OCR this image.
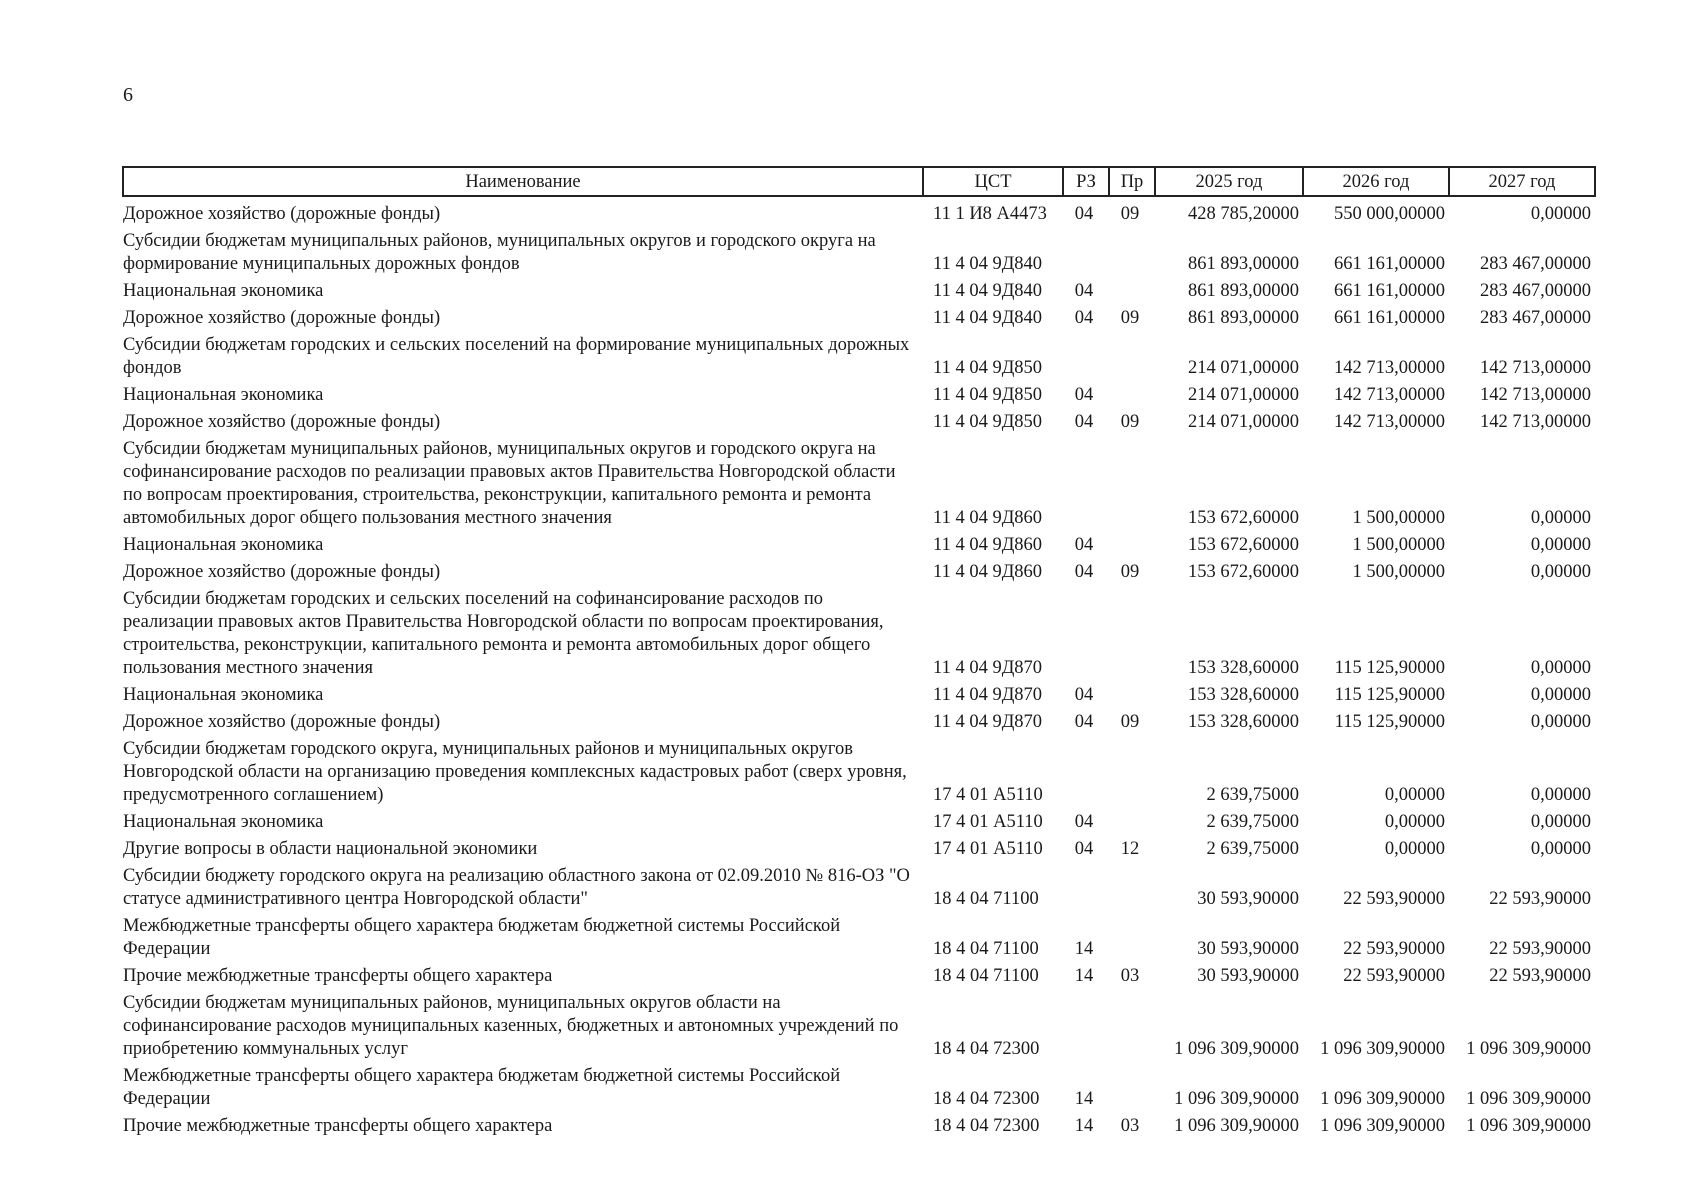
6
Наименование	ЦСТ	РЗ	Пр	2025 год	2026 год	2027 год
Дорожное хозяйство (дорожные фонды)	11 1 И8 А4473	04	09	428 785,20000	550 000,00000	0,00000
Субсидии бюджетам муниципальных районов, муниципальных округов и городского округа на формирование муниципальных дорожных фондов	11 4 04 9Д840			861 893,00000	661 161,00000	283 467,00000
Национальная экономика	11 4 04 9Д840	04		861 893,00000	661 161,00000	283 467,00000
Дорожное хозяйство (дорожные фонды)	11 4 04 9Д840	04	09	861 893,00000	661 161,00000	283 467,00000
Субсидии бюджетам городских и сельских поселений на формирование муниципальных дорожных фондов	11 4 04 9Д850			214 071,00000	142 713,00000	142 713,00000
Национальная экономика	11 4 04 9Д850	04		214 071,00000	142 713,00000	142 713,00000
Дорожное хозяйство (дорожные фонды)	11 4 04 9Д850	04	09	214 071,00000	142 713,00000	142 713,00000
Субсидии бюджетам муниципальных районов, муниципальных округов и городского округа на софинансирование расходов по реализации правовых актов Правительства Новгородской области по вопросам проектирования, строительства, реконструкции, капитального ремонта и ремонта автомобильных дорог общего пользования местного значения	11 4 04 9Д860			153 672,60000	1 500,00000	0,00000
Национальная экономика	11 4 04 9Д860	04		153 672,60000	1 500,00000	0,00000
Дорожное хозяйство (дорожные фонды)	11 4 04 9Д860	04	09	153 672,60000	1 500,00000	0,00000
Субсидии бюджетам городских и сельских поселений на софинансирование расходов по реализации правовых актов Правительства Новгородской области по вопросам проектирования, строительства, реконструкции, капитального ремонта и ремонта автомобильных дорог общего пользования местного значения	11 4 04 9Д870			153 328,60000	115 125,90000	0,00000
Национальная экономика	11 4 04 9Д870	04		153 328,60000	115 125,90000	0,00000
Дорожное хозяйство (дорожные фонды)	11 4 04 9Д870	04	09	153 328,60000	115 125,90000	0,00000
Субсидии бюджетам городского округа, муниципальных районов и муниципальных округов Новгородской области на организацию проведения комплексных кадастровых работ (сверх уровня, предусмотренного соглашением)	17 4 01 А5110			2 639,75000	0,00000	0,00000
Национальная экономика	17 4 01 А5110	04		2 639,75000	0,00000	0,00000
Другие вопросы в области национальной экономики	17 4 01 А5110	04	12	2 639,75000	0,00000	0,00000
Субсидии бюджету городского округа на реализацию областного закона от 02.09.2010 № 816-ОЗ "О статусе административного центра Новгородской области"	18 4 04 71100			30 593,90000	22 593,90000	22 593,90000
Межбюджетные трансферты общего характера бюджетам бюджетной системы Российской Федерации	18 4 04 71100	14		30 593,90000	22 593,90000	22 593,90000
Прочие межбюджетные трансферты общего характера	18 4 04 71100	14	03	30 593,90000	22 593,90000	22 593,90000
Субсидии бюджетам муниципальных районов, муниципальных округов области на софинансирование расходов муниципальных казенных, бюджетных и автономных учреждений по приобретению коммунальных услуг	18 4 04 72300			1 096 309,90000	1 096 309,90000	1 096 309,90000
Межбюджетные трансферты общего характера бюджетам бюджетной системы Российской Федерации	18 4 04 72300	14		1 096 309,90000	1 096 309,90000	1 096 309,90000
Прочие межбюджетные трансферты общего характера	18 4 04 72300	14	03	1 096 309,90000	1 096 309,90000	1 096 309,90000
